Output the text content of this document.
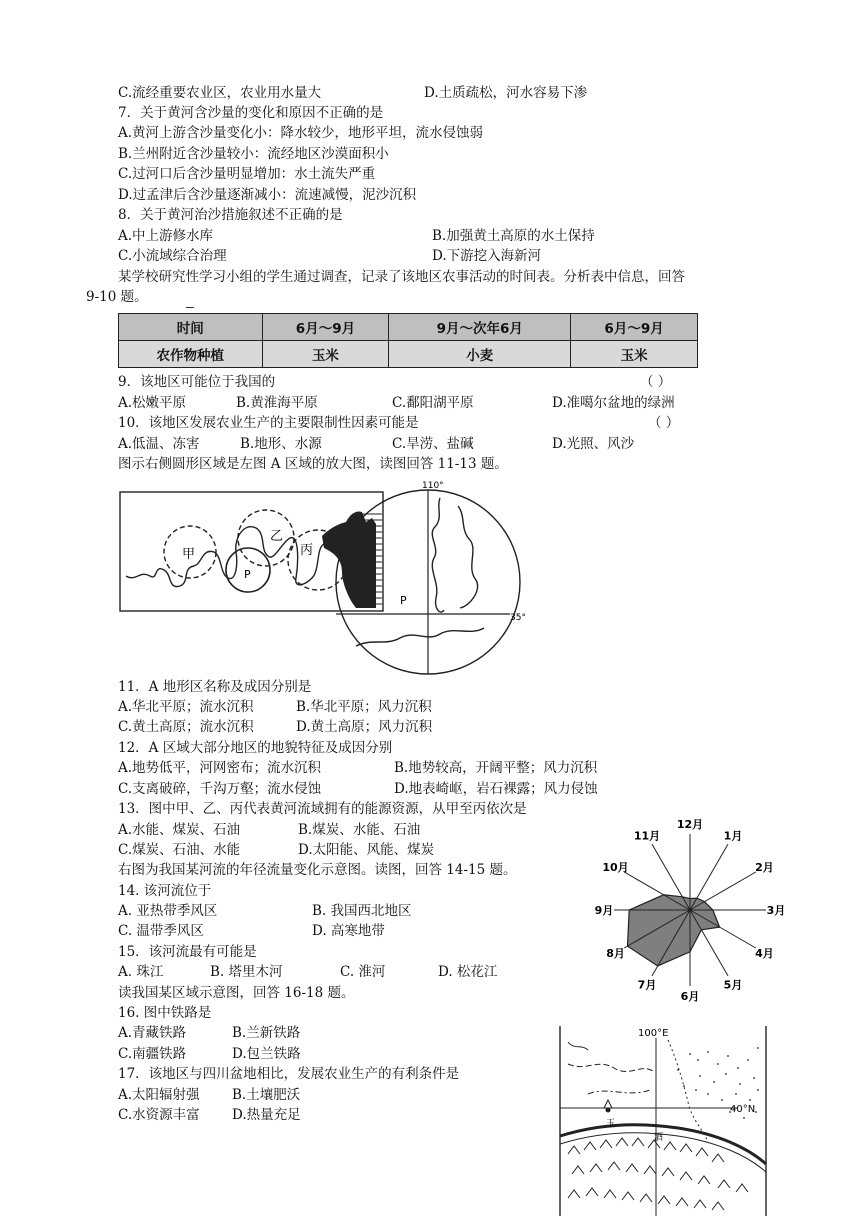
C.流经重要农业区，农业用水量大	D.土质疏松，河水容易下渗
7．关于黄河含沙量的变化和原因不正确的是
A.黄河上游含沙量变化小：降水较少，地形平坦，流水侵蚀弱
B.兰州附近含沙量较小：流经地区沙漠面积小
C.过河口后含沙量明显增加：水土流失严重
D.过孟津后含沙量逐渐减小：流速减慢，泥沙沉积
8．关于黄河治沙措施叙述不正确的是
A.中上游修水库	B.加强黄土高原的水土保持
C.小流域综合治理	D.下游挖入海新河
某学校研究性学习小组的学生通过调查，记录了该地区农事活动的时间表。分析表中信息，回答
9-10 题。
时间	6月～9月	9月～次年6月	6月～9月
农作物种植	玉米	小麦	玉米
9．该地区可能位于我国的	（ ）
A.松嫩平原	B.黄淮海平原	C.鄱阳湖平原	D.准噶尔盆地的绿洲
10．该地区发展农业生产的主要限制性因素可能是	（ ）
A.低温、冻害	B.地形、水源	C.旱涝、盐碱	D.光照、风沙
图示右侧圆形区域是左图 A 区域的放大图，读图回答 11-13 题。
甲
乙
丙
P
110°
35°
P
11．A 地形区名称及成因分别是
A.华北平原；流水沉积	B.华北平原；风力沉积
C.黄土高原；流水沉积	D.黄土高原；风力沉积
12．A 区域大部分地区的地貌特征及成因分别
A.地势低平，河网密布；流水沉积	B.地势较高，开阔平整；风力沉积
C.支离破碎，千沟万壑；流水侵蚀	D.地表崎岖，岩石裸露；风力侵蚀
13．图中甲、乙、丙代表黄河流域拥有的能源资源，从甲至丙依次是
A.水能、煤炭、石油	B.煤炭、水能、石油
C.煤炭、石油、水能	D.太阳能、风能、煤炭
右图为我国某河流的年径流量变化示意图。读图，回答 14-15 题。
14. 该河流位于
A. 亚热带季风区	B. 我国西北地区
C. 温带季风区	D. 高寒地带
15．该河流最有可能是
A. 珠江	B. 塔里木河	C. 淮河	D. 松花江
读我国某区域示意图，回答 16-18 题。
16. 图中铁路是
A.青藏铁路	B.兰新铁路
C.南疆铁路	D.包兰铁路
17．该地区与四川盆地相比，发展农业生产的有利条件是
A.太阳辐射强 B.土壤肥沃
C.水资源丰富 D.热量充足
1月
2月
3月
4月
5月
6月
7月
8月
9月
10月
11月
12月
玉
酒
100°E
40°N
